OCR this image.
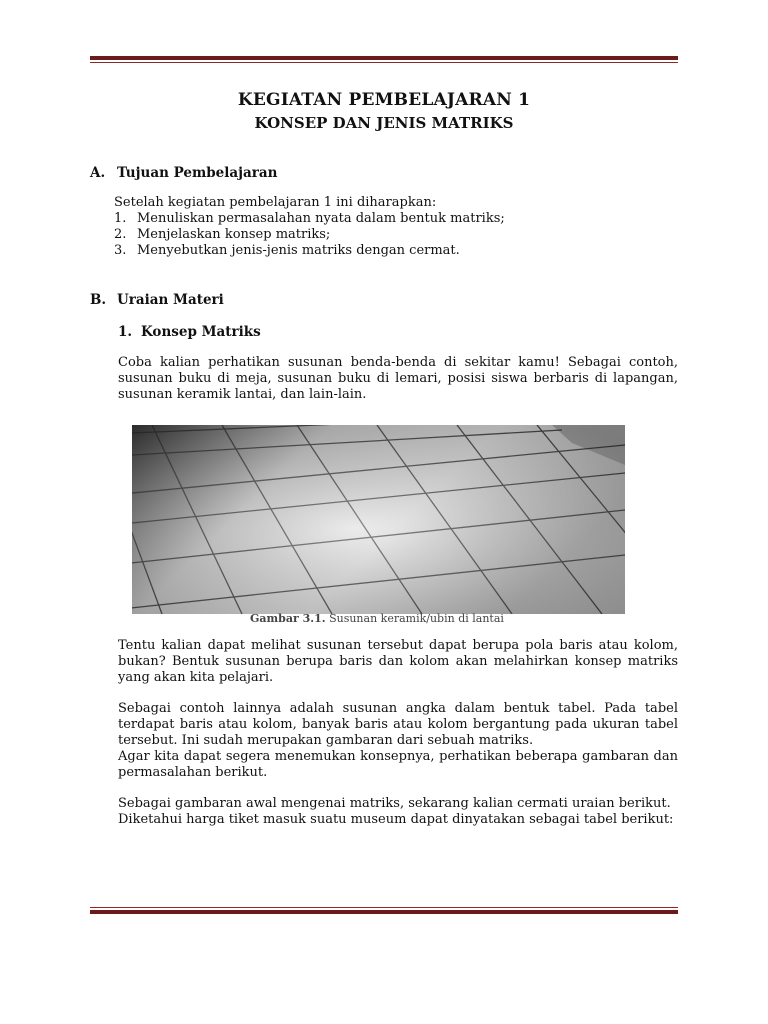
KEGIATAN PEMBELAJARAN 1
KONSEP DAN JENIS MATRIKS
A. Tujuan Pembelajaran
Setelah kegiatan pembelajaran 1 ini diharapkan:
1. Menuliskan permasalahan nyata dalam bentuk matriks;
2. Menjelaskan konsep matriks;
3. Menyebutkan jenis-jenis matriks dengan cermat.
B. Uraian Materi
1. Konsep Matriks
Coba kalian perhatikan susunan benda-benda di sekitar kamu! Sebagai contoh, susunan buku di meja, susunan buku di lemari, posisi siswa berbaris di lapangan, susunan keramik lantai, dan lain-lain.
Gambar 3.1. Susunan keramik/ubin di lantai
Tentu kalian dapat melihat susunan tersebut dapat berupa pola baris atau kolom, bukan? Bentuk susunan berupa baris dan kolom akan melahirkan konsep matriks yang akan kita pelajari.
Sebagai contoh lainnya adalah susunan angka dalam bentuk tabel. Pada tabel terdapat baris atau kolom, banyak baris atau kolom bergantung pada ukuran tabel tersebut. Ini sudah merupakan gambaran dari sebuah matriks.
Agar kita dapat segera menemukan konsepnya, perhatikan beberapa gambaran dan permasalahan berikut.
Sebagai gambaran awal mengenai matriks, sekarang kalian cermati uraian berikut.
Diketahui harga tiket masuk suatu museum dapat dinyatakan sebagai tabel berikut:
